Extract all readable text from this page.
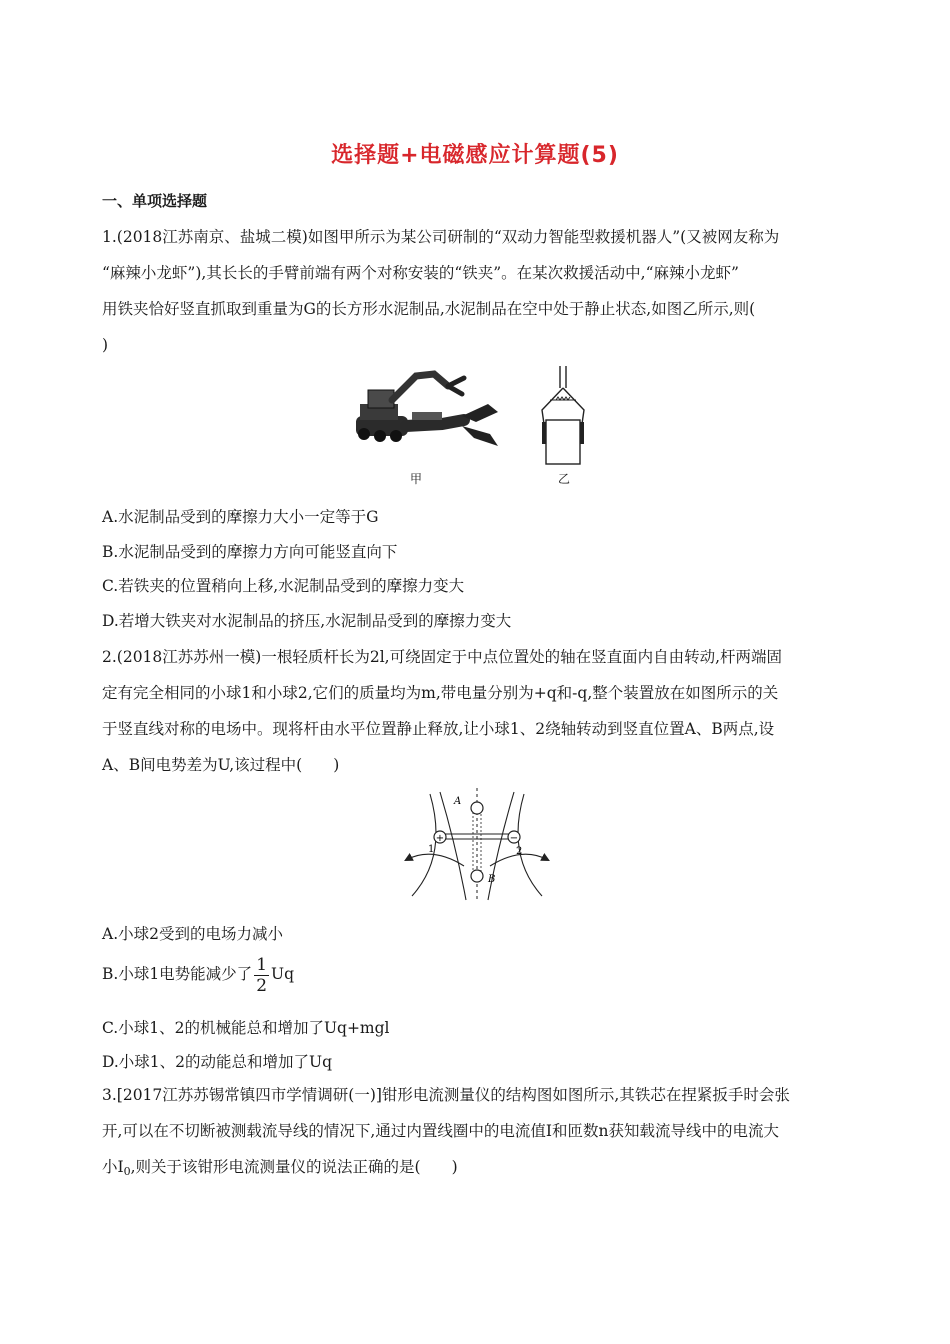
选择题+电磁感应计算题(5)
一、单项选择题
1.(2018江苏南京、盐城二模)如图甲所示为某公司研制的“双动力智能型救援机器人”(又被网友称为
“麻辣小龙虾”),其长长的手臂前端有两个对称安装的“铁夹”。在某次救援活动中,“麻辣小龙虾”
用铁夹恰好竖直抓取到重量为G的长方形水泥制品,水泥制品在空中处于静止状态,如图乙所示,则(
)
甲	乙
A.水泥制品受到的摩擦力大小一定等于G
B.水泥制品受到的摩擦力方向可能竖直向下
C.若铁夹的位置稍向上移,水泥制品受到的摩擦力变大
D.若增大铁夹对水泥制品的挤压,水泥制品受到的摩擦力变大
2.(2018江苏苏州一模)一根轻质杆长为2l,可绕固定于中点位置处的轴在竖直面内自由转动,杆两端固
定有完全相同的小球1和小球2,它们的质量均为m,带电量分别为+q和-q,整个装置放在如图所示的关
于竖直线对称的电场中。现将杆由水平位置静止释放,让小球1、2绕轴转动到竖直位置A、B两点,设
A、B间电势差为U,该过程中(　　)
+	−
A
B
1	2
A.小球2受到的电场力减小
B.小球1电势能减少了 $\frac{1}{2}$ Uq
C.小球1、2的机械能总和增加了Uq+mgl
D.小球1、2的动能总和增加了Uq
3.[2017江苏苏锡常镇四市学情调研(一)]钳形电流测量仪的结构图如图所示,其铁芯在捏紧扳手时会张
开,可以在不切断被测载流导线的情况下,通过内置线圈中的电流值I和匝数n获知载流导线中的电流大
小$I_0$,则关于该钳形电流测量仪的说法正确的是(　　)
